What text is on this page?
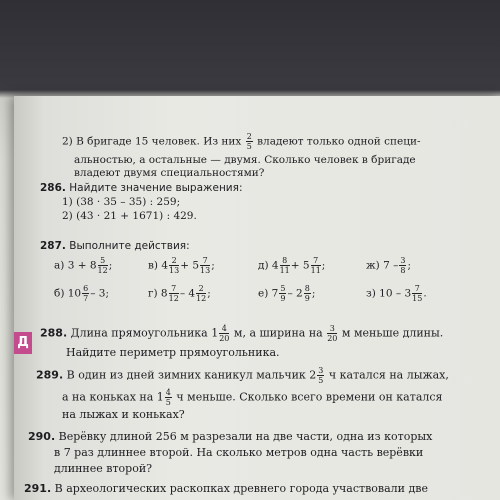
Д
2) В бригаде 15 человек. Из них $\frac{2}{5}$ владеют только одной специ-
альностью, а остальные — двумя. Сколько человек в бригаде
владеют двумя специальностями?
286. Найдите значение выражения:
1) (38 · 35 – 35) : 259;
2) (43 · 21 + 1671) : 429.
287. Выполните действия:
а) $3 + 8 \frac{5}{12}$ ;	в) $4 \frac{2}{13} + 5 \frac{7}{13}$ ;	д) $4 \frac{8}{11} + 5 \frac{7}{11}$ ;	ж) $7 - \frac{3}{8}$ ;
б) $10 \frac{6}{7} - 3$;	г) $8 \frac{7}{12} - 4 \frac{2}{12}$ ;	е) $7 \frac{5}{9} - 2 \frac{8}{9}$ ;	з) $10 - 3 \frac{7}{15}$ .
288. Длина прямоугольника $1 \frac{4}{20} м$, а ширина на $\frac{3}{20}$ м меньше длины.
Найдите периметр прямоугольника.
289. В один из дней зимних каникул мальчик $2 \frac{3}{5}$ ч катался на лыжах,
а на коньках на $1 \frac{4}{5}$ ч меньше. Сколько всего времени он катался
на лыжах и коньках?
290. Верёвку длиной 256 м разрезали на две части, одна из которых
в 7 раз длиннее второй. На сколько метров одна часть верёвки
длиннее второй?
291. В археологических раскопках древнего города участвовали две
